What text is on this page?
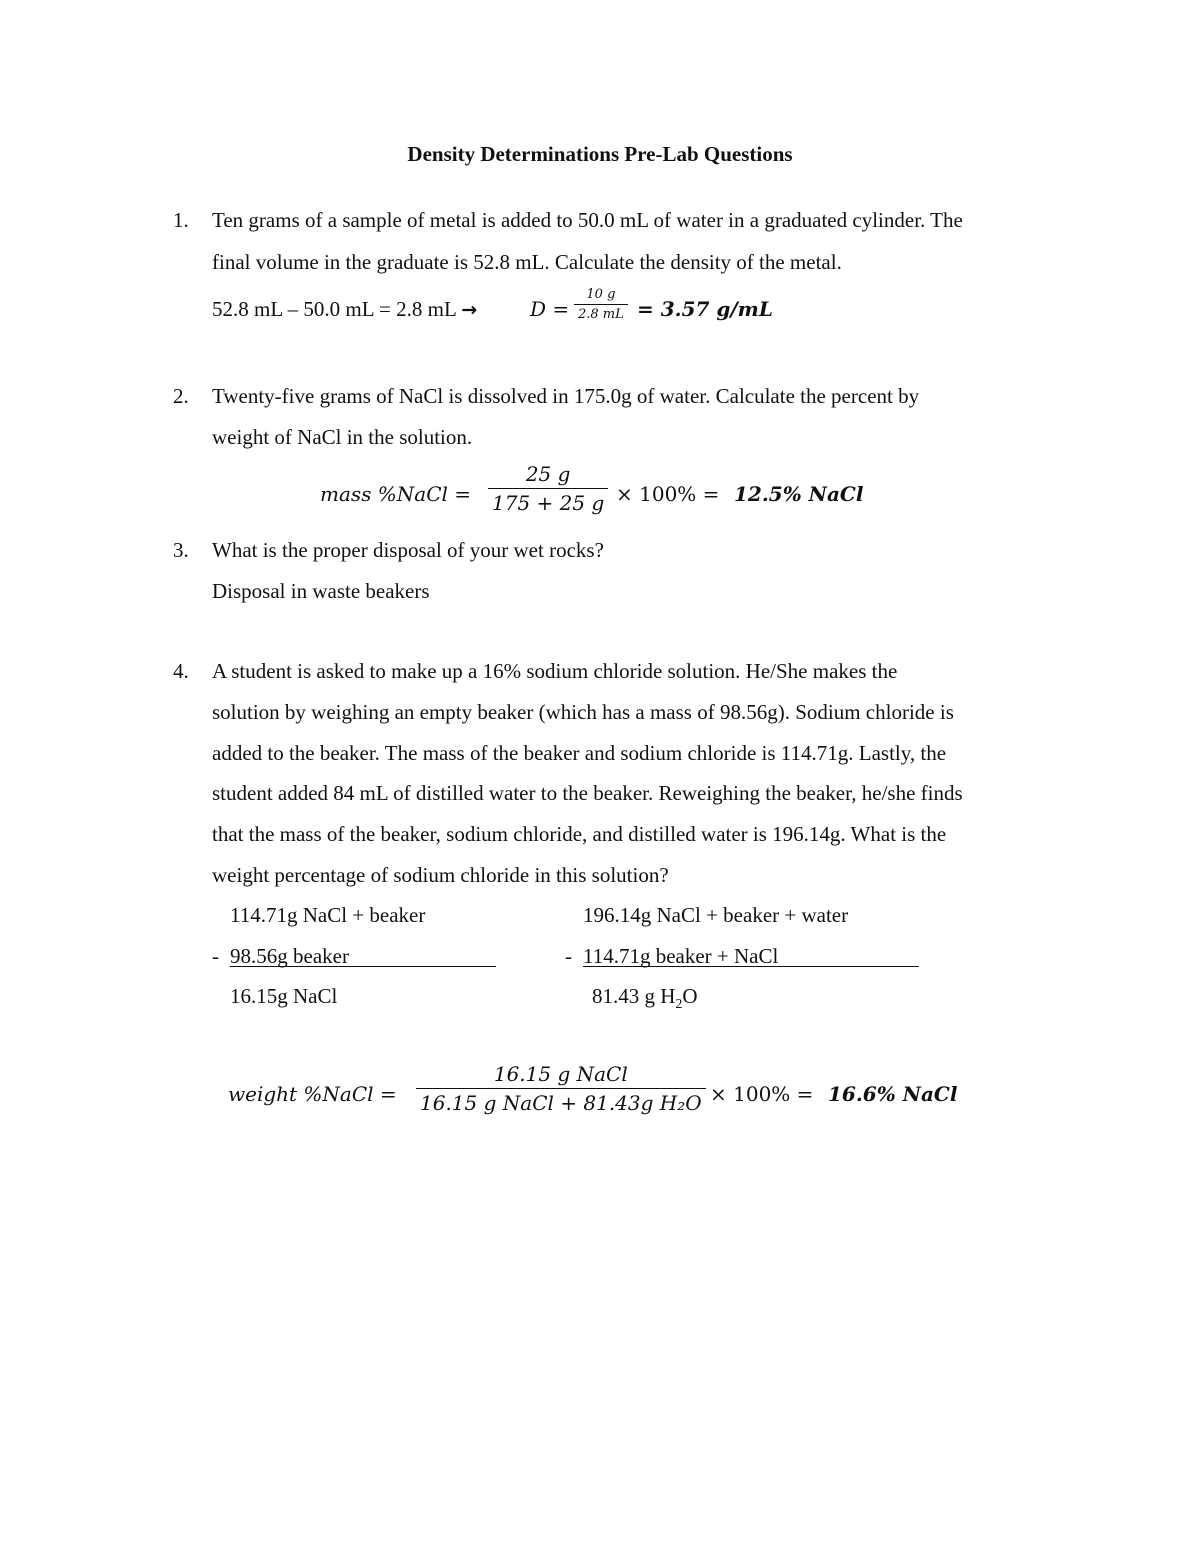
Density Determinations Pre-Lab Questions
1. Ten grams of a sample of metal is added to 50.0 mL of water in a graduated cylinder. The
final volume in the graduate is 52.8 mL. Calculate the density of the metal.
52.8 mL – 50.0 mL = 2.8 mL →	$D = \frac{10 g}{2.8 mL} = 3.57$ g/mL
2. Twenty-five grams of NaCl is dissolved in 175.0g of water. Calculate the percent by
weight of NaCl in the solution.
mass %NaCl = $\frac{25 g}{175 + 25 g} \times 100\% = 12.5\%$ NaCl
3. What is the proper disposal of your wet rocks?
Disposal in waste beakers
4. A student is asked to make up a 16% sodium chloride solution. He/She makes the
solution by weighing an empty beaker (which has a mass of 98.56g). Sodium chloride is
added to the beaker. The mass of the beaker and sodium chloride is 114.71g. Lastly, the
student added 84 mL of distilled water to the beaker. Reweighing the beaker, he/she finds
that the mass of the beaker, sodium chloride, and distilled water is 196.14g. What is the
weight percentage of sodium chloride in this solution?
114.71g NaCl + beaker
- 98.56g beaker
16.15g NaCl
196.14g NaCl + beaker + water
- 114.71g beaker + NaCl
81.43 g $H_2O$
weight %NaCl =
16.15 g NaCl
16.15 g NaCl + 81.43g H₂O × 100% = 16.6% NaCl
